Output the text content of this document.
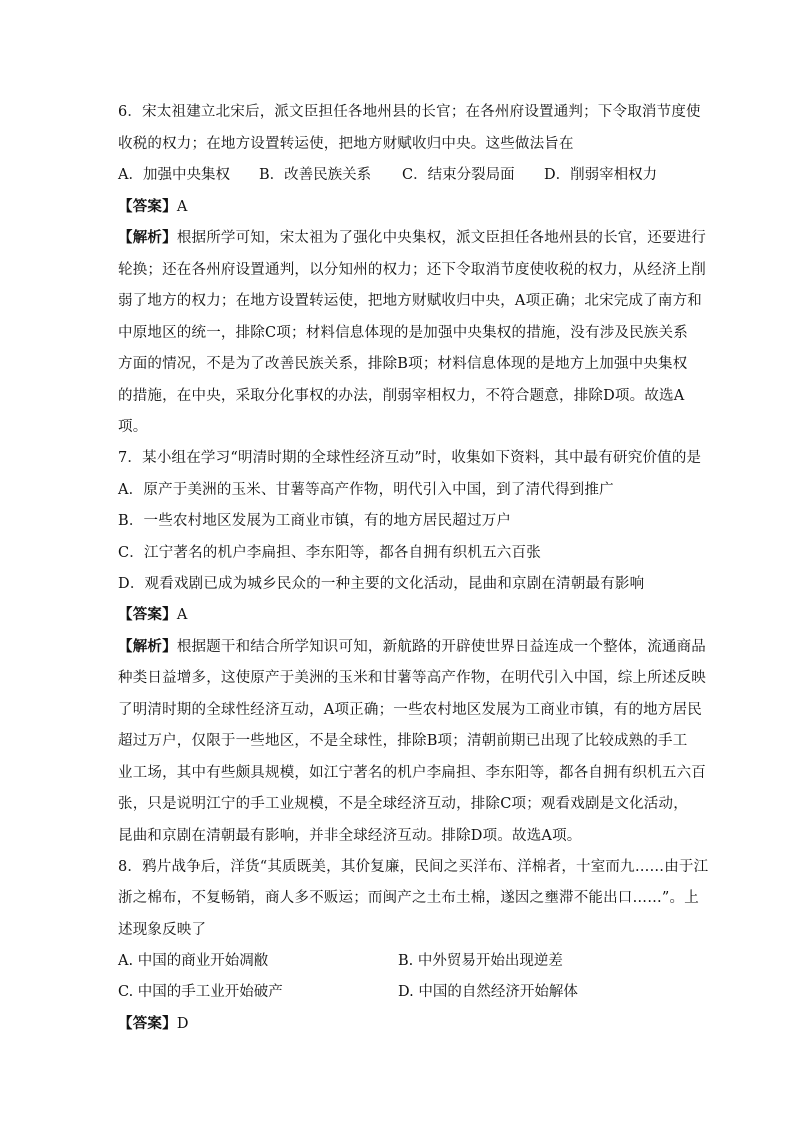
6．宋太祖建立北宋后，派文臣担任各地州县的长官；在各州府设置通判；下令取消节度使
收税的权力；在地方设置转运使，把地方财赋收归中央。这些做法旨在
A．加强中央集权 B．改善民族关系 C．结束分裂局面 D．削弱宰相权力
【答案】A
【解析】根据所学可知，宋太祖为了强化中央集权，派文臣担任各地州县的长官，还要进行
轮换；还在各州府设置通判，以分知州的权力；还下令取消节度使收税的权力，从经济上削
弱了地方的权力；在地方设置转运使，把地方财赋收归中央，A项正确；北宋完成了南方和
中原地区的统一，排除C项；材料信息体现的是加强中央集权的措施，没有涉及民族关系
方面的情况，不是为了改善民族关系，排除B项；材料信息体现的是地方上加强中央集权
的措施，在中央，采取分化事权的办法，削弱宰相权力，不符合题意，排除D项。故选A
项。
7．某小组在学习“明清时期的全球性经济互动”时，收集如下资料，其中最有研究价值的是
A．原产于美洲的玉米、甘薯等高产作物，明代引入中国，到了清代得到推广
B．一些农村地区发展为工商业市镇，有的地方居民超过万户
C．江宁著名的机户李扁担、李东阳等，都各自拥有织机五六百张
D．观看戏剧已成为城乡民众的一种主要的文化活动，昆曲和京剧在清朝最有影响
【答案】A
【解析】根据题干和结合所学知识可知，新航路的开辟使世界日益连成一个整体，流通商品
种类日益增多，这使原产于美洲的玉米和甘薯等高产作物，在明代引入中国，综上所述反映
了明清时期的全球性经济互动，A项正确；一些农村地区发展为工商业市镇，有的地方居民
超过万户，仅限于一些地区，不是全球性，排除B项；清朝前期已出现了比较成熟的手工
业工场，其中有些颇具规模，如江宁著名的机户李扁担、李东阳等，都各自拥有织机五六百
张，只是说明江宁的手工业规模，不是全球经济互动，排除C项；观看戏剧是文化活动，
昆曲和京剧在清朝最有影响，并非全球经济互动。排除D项。故选A项。
8．鸦片战争后，洋货“其质既美，其价复廉，民间之买洋布、洋棉者，十室而九……由于江
浙之棉布，不复畅销，商人多不贩运；而闽产之土布土棉，遂因之壅滞不能出口……”。上
述现象反映了
A. 中国的商业开始凋敝	B. 中外贸易开始出现逆差
C. 中国的手工业开始破产	D. 中国的自然经济开始解体
【答案】D
